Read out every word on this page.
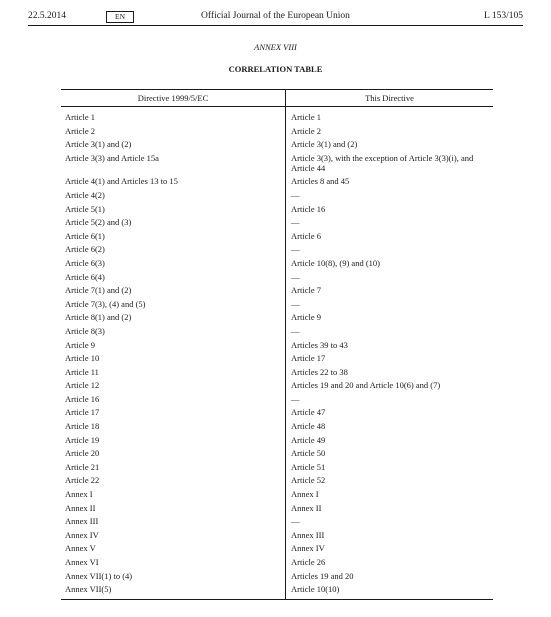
22.5.2014	EN	Official Journal of the European Union	L 153/105
ANNEX VIII
CORRELATION TABLE
Directive 1999/5/EC	This Directive
Article 1	Article 1
Article 2	Article 2
Article 3(1) and (2)	Article 3(1) and (2)
Article 3(3) and Article 15a	Article 3(3), with the exception of Article 3(3)(i), and Article 44
Article 4(1) and Articles 13 to 15	Articles 8 and 45
Article 4(2)	—
Article 5(1)	Article 16
Article 5(2) and (3)	—
Article 6(1)	Article 6
Article 6(2)	—
Article 6(3)	Article 10(8), (9) and (10)
Article 6(4)	—
Article 7(1) and (2)	Article 7
Article 7(3), (4) and (5)	—
Article 8(1) and (2)	Article 9
Article 8(3)	—
Article 9	Articles 39 to 43
Article 10	Article 17
Article 11	Articles 22 to 38
Article 12	Articles 19 and 20 and Article 10(6) and (7)
Article 16	—
Article 17	Article 47
Article 18	Article 48
Article 19	Article 49
Article 20	Article 50
Article 21	Article 51
Article 22	Article 52
Annex I	Annex I
Annex II	Annex II
Annex III	—
Annex IV	Annex III
Annex V	Annex IV
Annex VI	Article 26
Annex VII(1) to (4)	Articles 19 and 20
Annex VII(5)	Article 10(10)
